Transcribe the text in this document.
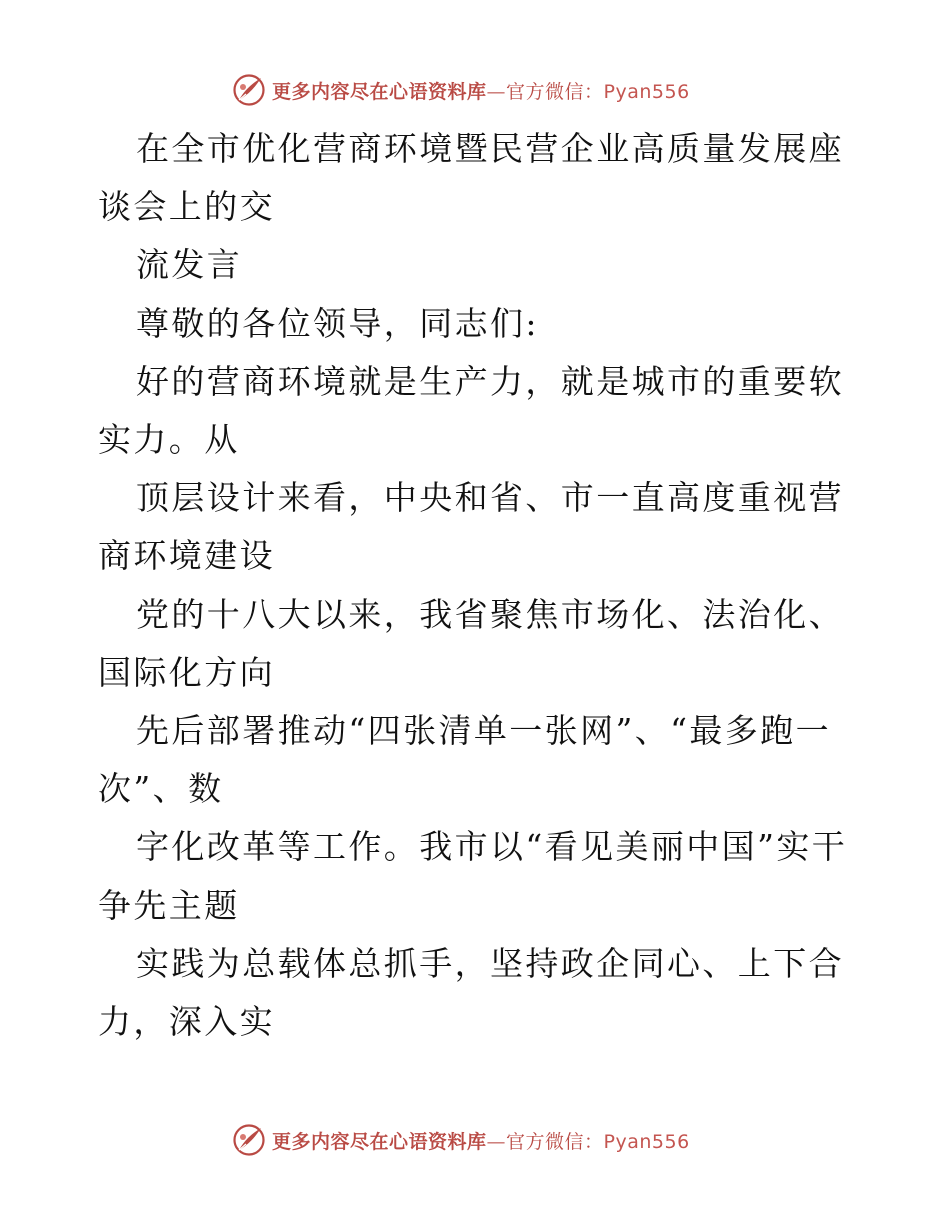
更多内容尽在心语资料库—官方微信：Pyan556

在全市优化营商环境暨民营企业高质量发展座谈会上的交

流发言

尊敬的各位领导，同志们:

好的营商环境就是生产力，就是城市的重要软实力。从

顶层设计来看，中央和省、市一直高度重视营商环境建设

党的十八大以来，我省聚焦市场化、法治化、国际化方向

先后部署推动“四张清单一张网”、“最多跑一次”、数

字化改革等工作。我市以“看见美丽中国”实干争先主题

实践为总载体总抓手，坚持政企同心、上下合力，深入实

更多内容尽在心语资料库—官方微信：Pyan556
